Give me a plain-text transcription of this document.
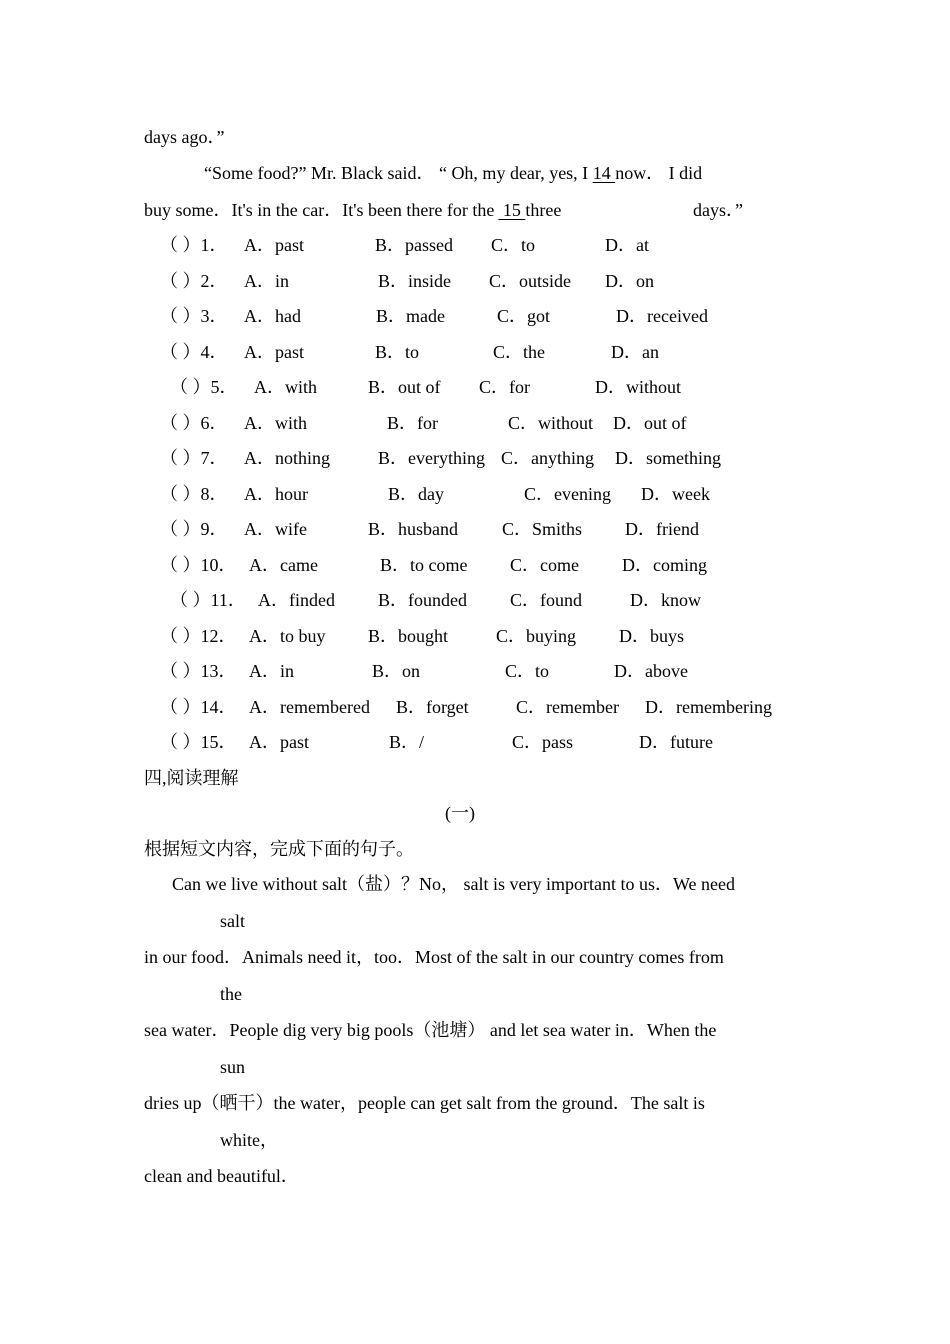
days ago．”
“Some food?” Mr. Black said． “ Oh, my dear, yes, I 14 now． I did
buy some．It's in the car．It's been there for the 15 three	days．”
（ ）1． A．past	B．passed C．to	D．at
（ ）2． A．in	B．inside C．outside D．on
（ ）3． A．had	B．made	C．got	D．received
（ ）4． A．past	B．to	C．the	D．an
（ ）5． A．with	B．out of C．for	D．without
（ ）6． A．with	B．for	C．without D．out of
（ ）7． A．nothing	B．everything C．anything D．something
（ ）8． A．hour	B．day	C．evening D．week
（ ）9． A．wife	B．husband C．Smiths D．friend
（ ）10． A．came	B．to come C．come D．coming
（ ）11． A．finded B．founded C．found	D．know
（ ）12． A．to buy B．bought	C．buying D．buys
（ ）13． A．in	B．on	C．to	D．above
（ ）14． A．remembered B．forget	C．remember D．remembering
（ ）15． A．past	B．/	C．pass	D．future
四,阅读理解
(一)
根据短文内容，完成下面的句子。
Can we live without salt（盐）？No， salt is very important to us．We need
salt
in our food．Animals need it，too．Most of the salt in our country comes from
the
sea water．People dig very big pools（池塘） and let sea water in．When the
sun
dries up（晒干）the water，people can get salt from the ground．The salt is
white，
clean and beautiful．
